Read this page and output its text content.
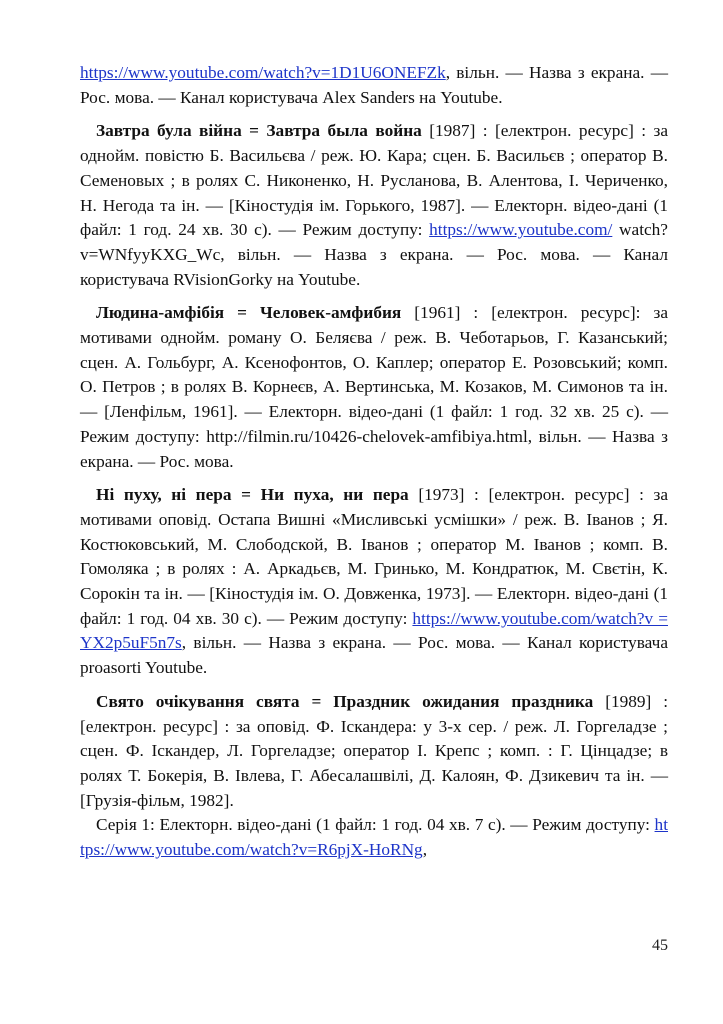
https://www.youtube.com/watch?v=1D1U6ONEFZk, вільн. — Назва з екрана. — Рос. мова. — Канал користувача Alex Sanders на Youtube.

Завтра була війна = Завтра была война [1987] : [електрон. ресурс] : за однойм. повістю Б. Васильєва / реж. Ю. Кара; сцен. Б. Васильєв ; оператор В. Семеновых ; в ролях С. Никоненко, Н. Русланова, В. Алентова, І. Чериченко, Н. Негода та ін. — [Кіностудія ім. Горького, 1987]. — Електорн. відео-дані (1 файл: 1 год. 24 хв. 30 с). — Режим доступу: https://www.youtube.com/ watch?v=WNfyyKXG_Wc, вільн. — Назва з екрана. — Рос. мова. — Канал користувача RVisionGorky на Youtube.

Людина-амфібія = Человек-амфибия [1961] : [електрон. ресурс]: за мотивами однойм. роману О. Беляєва / реж. В. Чеботарьов, Г. Казанський; сцен. А. Гольбург, А. Ксенофонтов, О. Каплер; оператор Е. Розовський; комп. О. Петров ; в ролях В. Корнеєв, А. Вертинська, М. Козаков, М. Симонов та ін. — [Ленфільм, 1961]. — Електорн. відео-дані (1 файл: 1 год. 32 хв. 25 с). — Режим доступу: http://filmin.ru/10426-chelovek-amfibiya.html, вільн. — Назва з екрана. — Рос. мова.

Ні пуху, ні пера = Ни пуха, ни пера [1973] : [електрон. ресурс] : за мотивами оповід. Остапа Вишні «Мисливські усмішки» / реж. В. Іванов ; Я. Костюковський, М. Слободской, В. Іванов ; оператор М. Іванов ; комп. В. Гомоляка ; в ролях : А. Аркадьєв, М. Гринько, М. Кондратюк, М. Свєтін, К. Сорокін та ін. — [Кіностудія ім. О. Довженка, 1973]. — Електорн. відео-дані (1 файл: 1 год. 04 хв. 30 с). — Режим доступу: https://www.youtube.com/watch?v =YX2p5uF5n7s, вільн. — Назва з екрана. — Рос. мова. — Канал користувача proasorti Youtube.

Свято очікування свята = Праздник ожидания праздника [1989] : [електрон. ресурс] : за оповід. Ф. Іскандера: у 3-х сер. / реж. Л. Горгеладзе ; сцен. Ф. Іскандер, Л. Горгеладзе; оператор І. Крепс ; комп. : Г. Цінцадзе; в ролях Т. Бокерія, В. Івлева, Г. Абесалашвілі, Д. Калоян, Ф. Дзикевич та ін. — [Грузія-фільм, 1982].

Серія 1: Електорн. відео-дані (1 файл: 1 год. 04 хв. 7 с). — Режим доступу: https://www.youtube.com/watch?v=R6pjX-HoRNg,

45
